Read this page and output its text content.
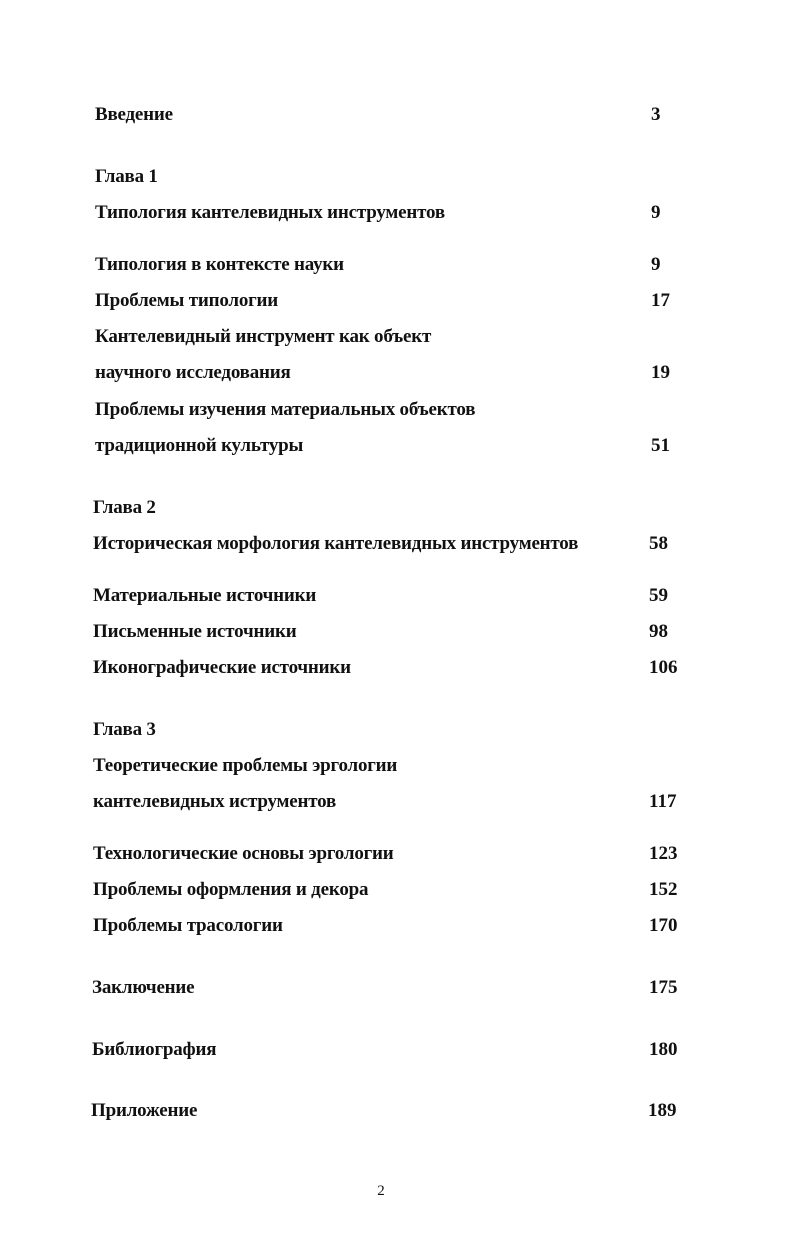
Введение	3
Глава 1
Типология кантелевидных инструментов	9
Типология в контексте науки	9
Проблемы типологии	17
Кантелевидный инструмент как объект
научного исследования	19
Проблемы изучения материальных объектов
традиционной культуры	51
Глава 2
Историческая морфология кантелевидных инструментов	58
Материальные источники	59
Письменные источники	98
Иконографические источники	106
Глава 3
Теоретические проблемы эргологии
кантелевидных иструментов	117
Технологические основы эргологии	123
Проблемы оформления и декора	152
Проблемы трасологии	170
Заключение	175
Библиография	180
Приложение	189
2
